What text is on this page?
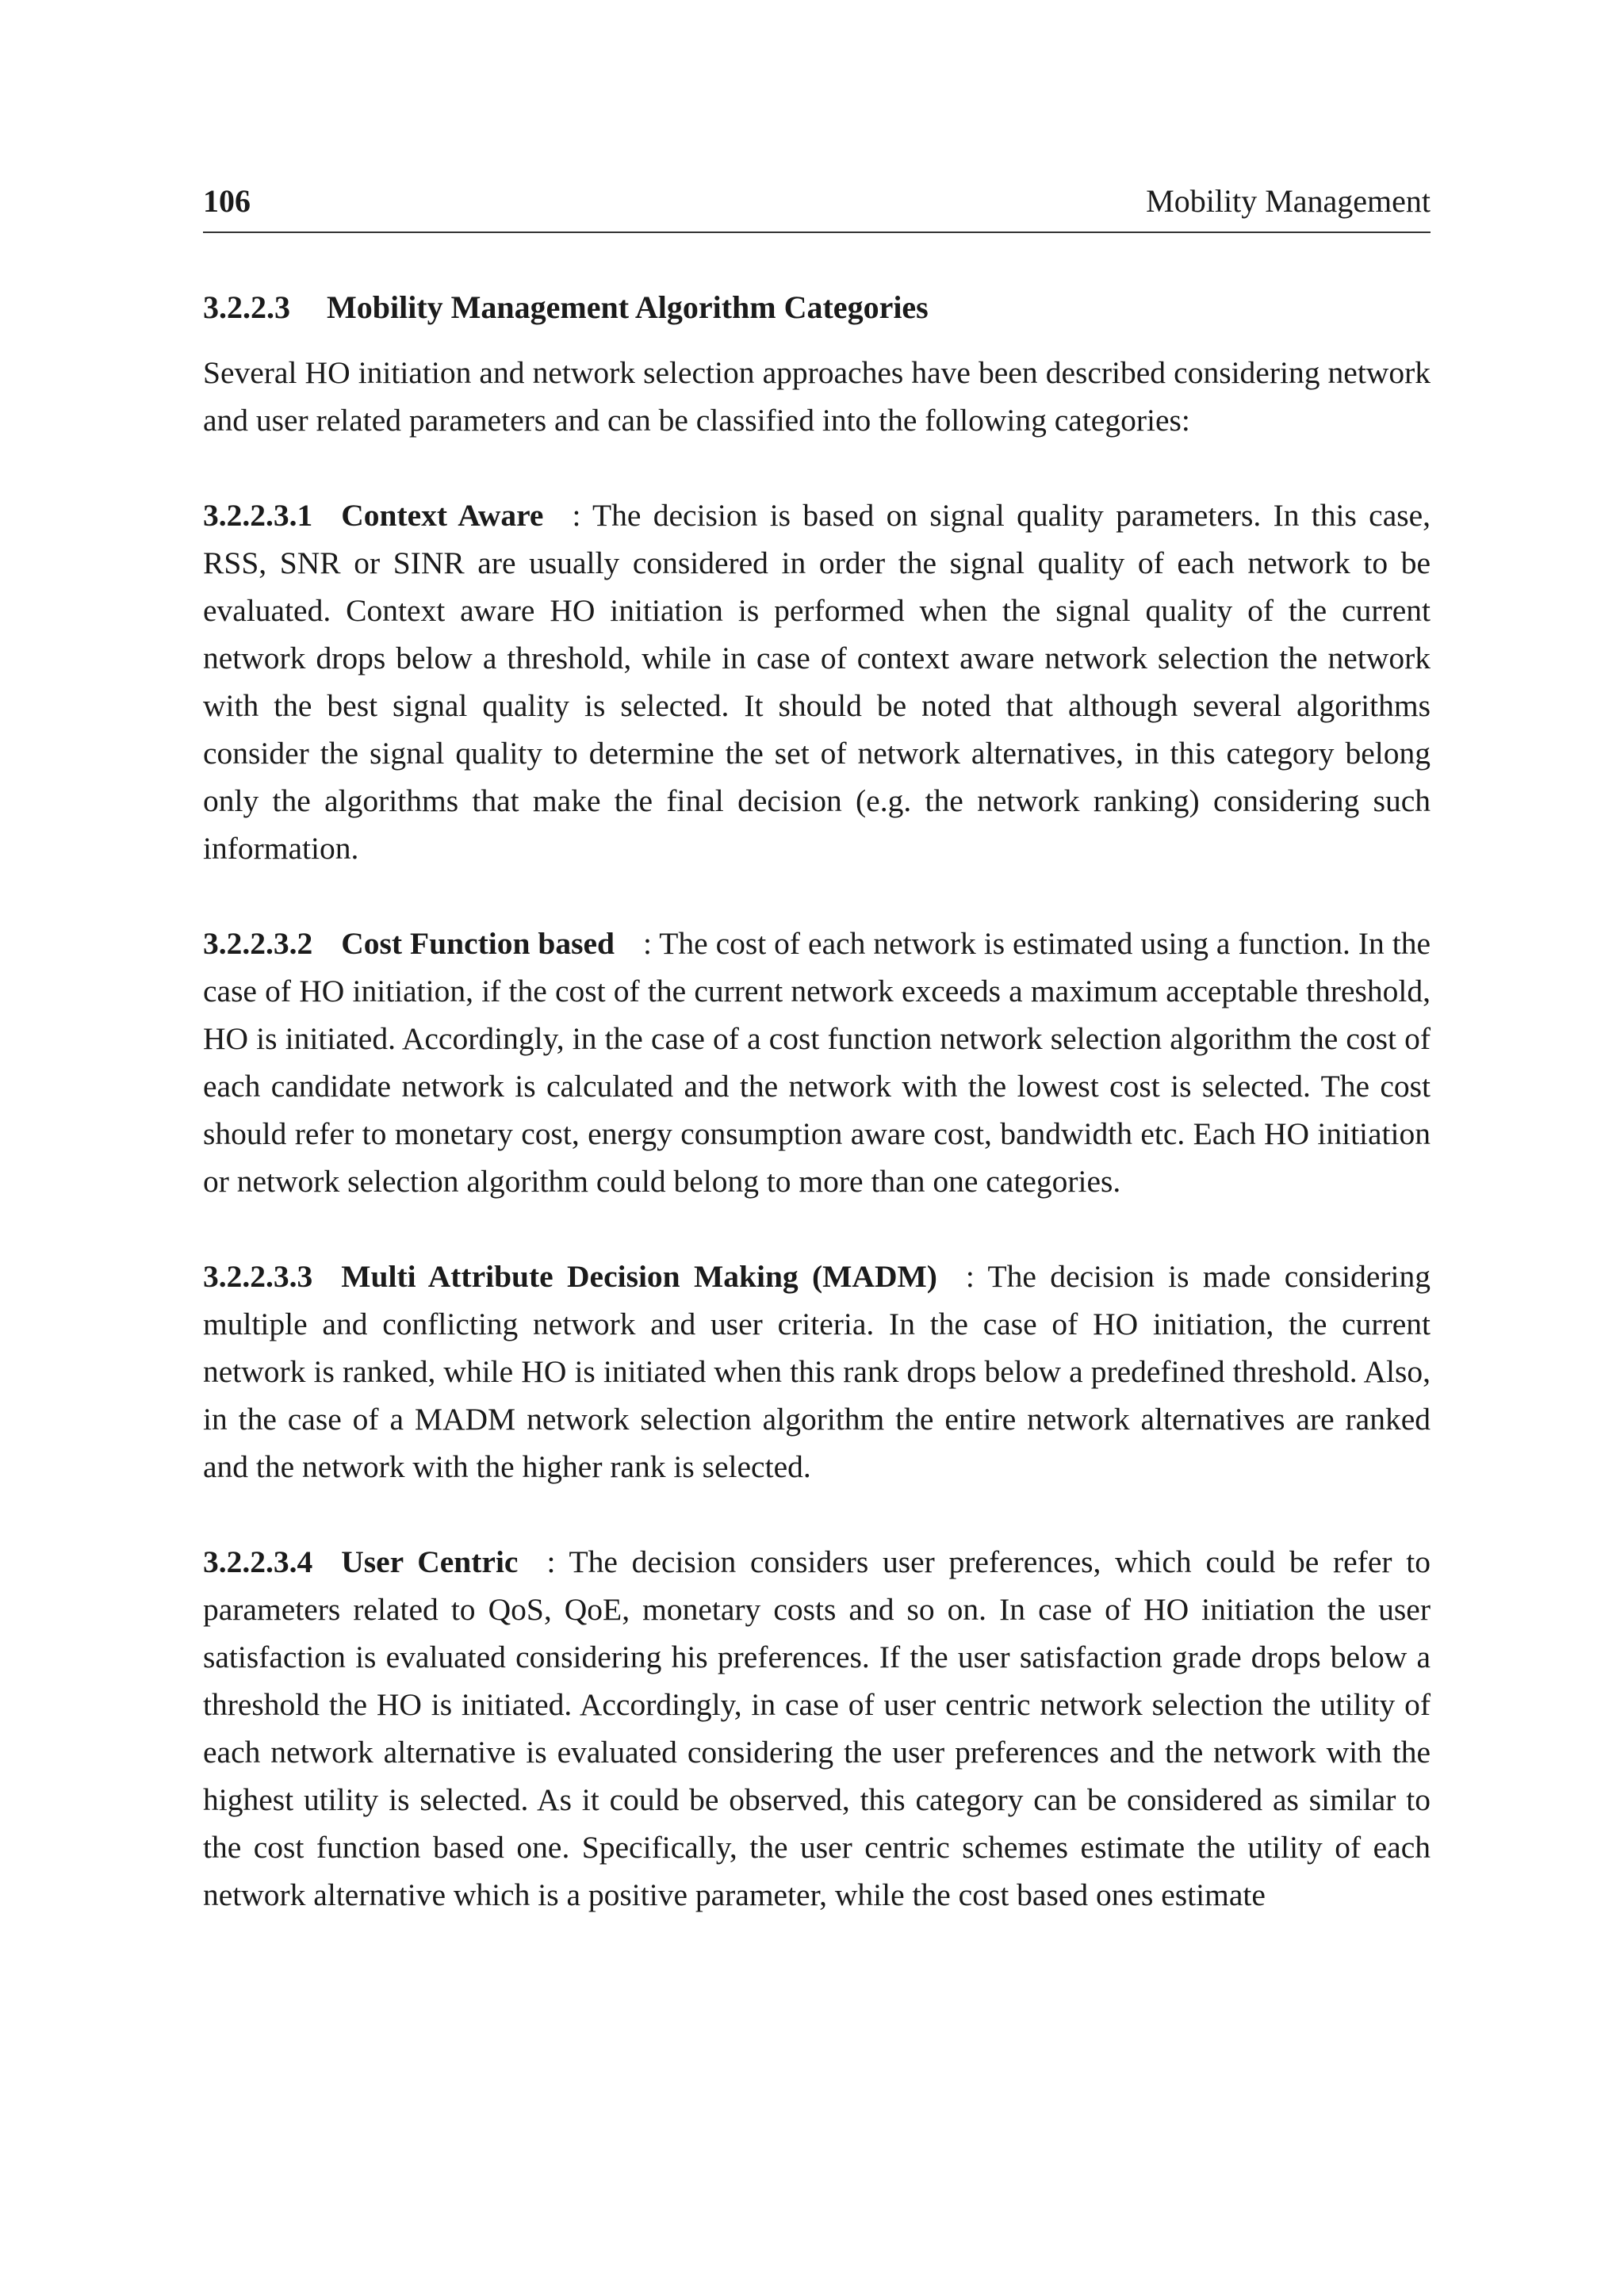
106	Mobility Management
3.2.2.3 Mobility Management Algorithm Categories

Several HO initiation and network selection approaches have been described considering network and user related parameters and can be classified into the following categories:

3.2.2.3.1 Context Aware : The decision is based on signal quality parameters. In this case, RSS, SNR or SINR are usually considered in order the signal quality of each network to be evaluated. Context aware HO initiation is performed when the signal quality of the current network drops below a threshold, while in case of context aware network selection the network with the best signal quality is selected. It should be noted that although several algorithms consider the signal quality to determine the set of network alternatives, in this category belong only the algorithms that make the final decision (e.g. the network ranking) considering such information.

3.2.2.3.2 Cost Function based : The cost of each network is estimated using a function. In the case of HO initiation, if the cost of the current network exceeds a maximum acceptable threshold, HO is initiated. Accordingly, in the case of a cost function network selection algorithm the cost of each candidate network is calculated and the network with the lowest cost is selected. The cost should refer to monetary cost, energy consumption aware cost, bandwidth etc. Each HO initiation or network selection algorithm could belong to more than one categories.

3.2.2.3.3 Multi Attribute Decision Making (MADM) : The decision is made considering multiple and conflicting network and user criteria. In the case of HO initiation, the current network is ranked, while HO is initiated when this rank drops below a predefined threshold. Also, in the case of a MADM network selection algorithm the entire network alternatives are ranked and the network with the higher rank is selected.

3.2.2.3.4 User Centric : The decision considers user preferences, which could be refer to parameters related to QoS, QoE, monetary costs and so on. In case of HO initiation the user satisfaction is evaluated considering his preferences. If the user satisfaction grade drops below a threshold the HO is initiated. Accordingly, in case of user centric network selection the utility of each network alternative is evaluated considering the user preferences and the network with the highest utility is selected. As it could be observed, this category can be considered as similar to the cost function based one. Specifically, the user centric schemes estimate the utility of each network alternative which is a positive parameter, while the cost based ones estimate
